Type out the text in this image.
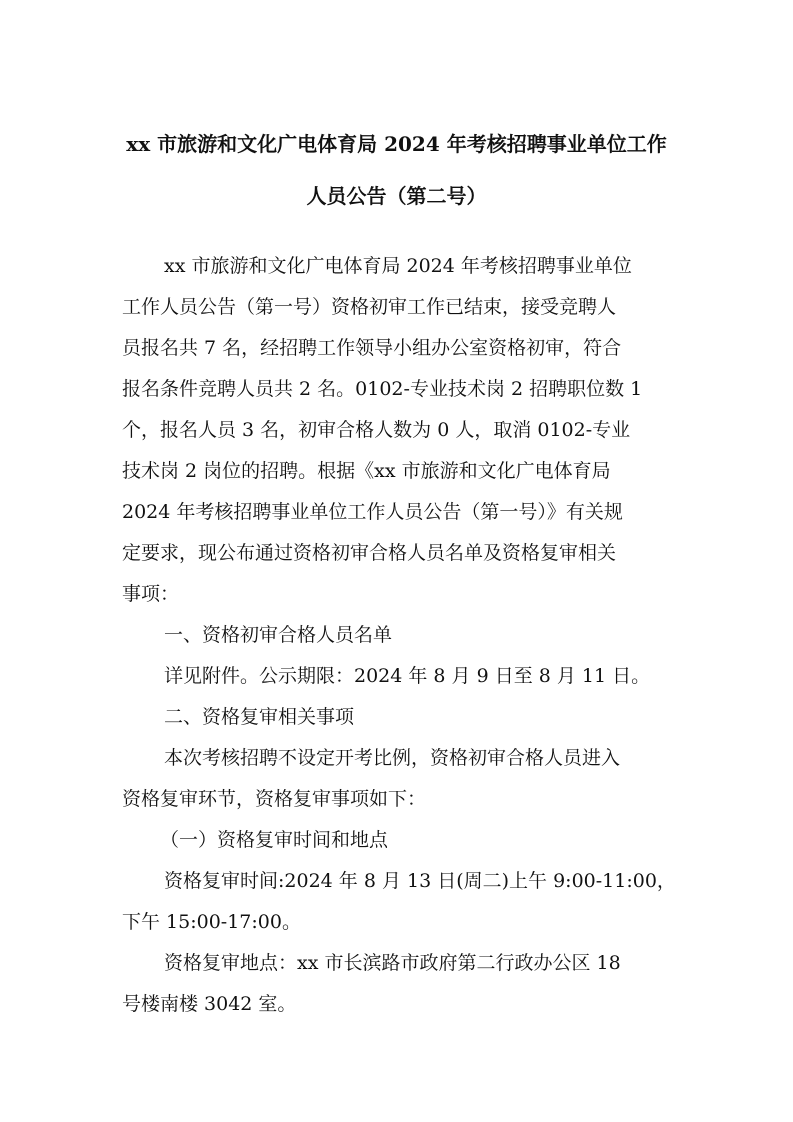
xx 市旅游和文化广电体育局 2024 年考核招聘事业单位工作
人员公告（第二号）
xx 市旅游和文化广电体育局 2024 年考核招聘事业单位
工作人员公告（第一号）资格初审工作已结束，接受竞聘人
员报名共 7 名，经招聘工作领导小组办公室资格初审，符合
报名条件竞聘人员共 2 名。0102-专业技术岗 2 招聘职位数 1
个，报名人员 3 名，初审合格人数为 0 人，取消 0102-专业
技术岗 2 岗位的招聘。根据《xx 市旅游和文化广电体育局
2024 年考核招聘事业单位工作人员公告（第一号）》有关规
定要求，现公布通过资格初审合格人员名单及资格复审相关
事项：
一、资格初审合格人员名单
详见附件。公示期限：2024 年 8 月 9 日至 8 月 11 日。
二、资格复审相关事项
本次考核招聘不设定开考比例，资格初审合格人员进入
资格复审环节，资格复审事项如下：
（一）资格复审时间和地点
资格复审时间:2024 年 8 月 13 日(周二)上午 9:00-11:00，
下午 15:00-17:00。
资格复审地点：xx 市长滨路市政府第二行政办公区 18
号楼南楼 3042 室。
